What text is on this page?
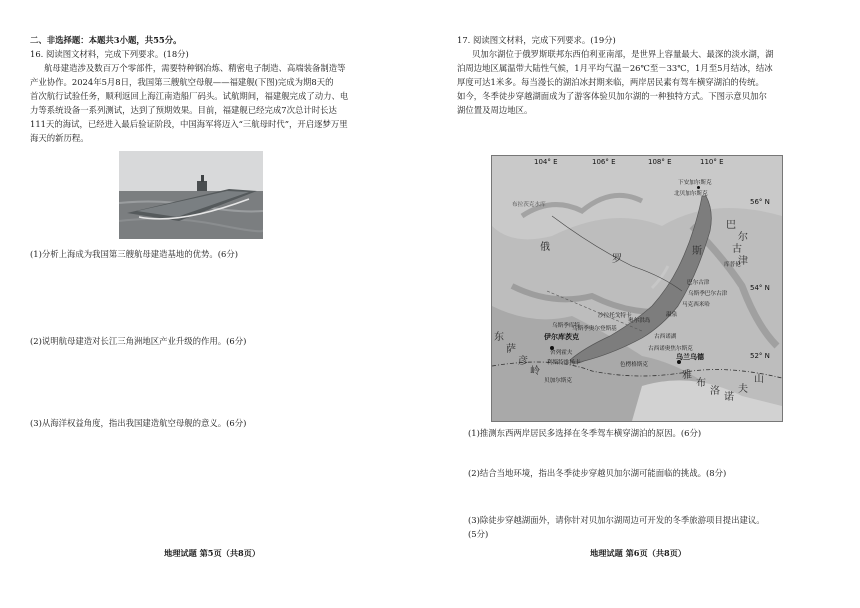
二、非选择题：本题共3小题，共55分。
16. 阅读图文材料，完成下列要求。(18分)
航母建造涉及数百万个零部件，需要特种钢冶炼、精密电子制造、高端装备制造等
产业协作。2024年5月8日，我国第三艘航空母舰——福建舰(下图)完成为期8天的
首次航行试验任务，顺利返回上海江南造船厂码头。试航期间，福建舰完成了动力、电
力等系统设备一系列测试，达到了预期效果。目前，福建舰已经完成7次总计时长达
111天的海试，已经进入最后验证阶段，中国海军将迈入“三航母时代”，开启逐梦万里
海天的新历程。
(1)分析上海成为我国第三艘航母建造基地的优势。(6分)
(2)说明航母建造对长江三角洲地区产业升级的作用。(6分)
(3)从海洋权益角度，指出我国建造航空母舰的意义。(6分)
地理试题 第5页（共8页）
17. 阅读图文材料，完成下列要求。(19分)
贝加尔湖位于俄罗斯联邦东西伯利亚南部，是世界上容量最大、最深的淡水湖，湖
泊周边地区属温带大陆性气候，1月平均气温－26℃至－33℃，1月至5月结冰，结冰
厚度可达1米多。每当漫长的湖泊冰封期来临，两岸居民素有驾车横穿湖泊的传统。
如今，冬季徒步穿越湖面成为了游客体验贝加尔湖的一种独特方式。下图示意贝加尔
湖位置及周边地区。
104° E	106° E	108° E	110° E
56° N
54° N
52° N
布拉茨克水库
俄
罗
斯
东
萨
彦
岭
巴
尔
古
津
雅
布
洛
诺
夫
山
下安加尔斯克
北贝加尔斯克
库普伦
沙拉托戈特卡
乌斯季库特
乌斯季奥尔登斯基
奥尔洪岛
伊尔库茨克
舍列霍夫
利斯特维扬卡
古西诺奥焦尔斯克
色楞格斯克
乌兰乌德
贝加尔斯克
巴尔古津
马克西米哈
乌斯季巴尔古津
古西诺湖
温泉
(1)推测东西两岸居民多选择在冬季驾车横穿湖泊的原因。(6分)
(2)结合当地环境，指出冬季徒步穿越贝加尔湖可能面临的挑战。(8分)
(3)除徒步穿越湖面外，请你针对贝加尔湖周边可开发的冬季旅游项目提出建议。
(5分)
地理试题 第6页（共8页）
